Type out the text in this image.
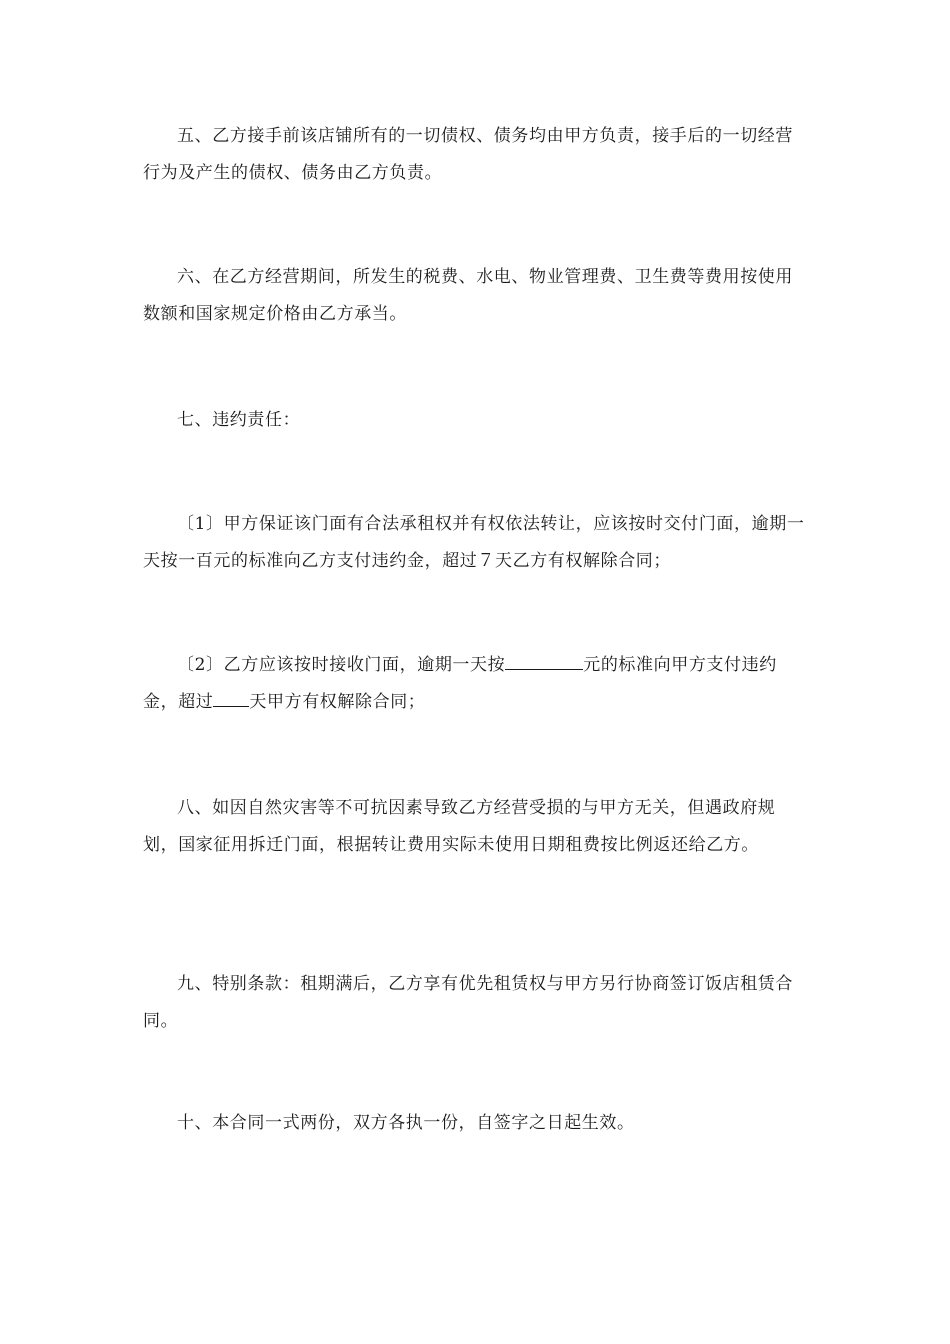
五、乙方接手前该店铺所有的一切债权、债务均由甲方负责，接手后的一切经营行为及产生的债权、债务由乙方负责。

六、在乙方经营期间，所发生的税费、水电、物业管理费、卫生费等费用按使用数额和国家规定价格由乙方承当。

七、违约责任：

〔1〕甲方保证该门面有合法承租权并有权依法转让，应该按时交付门面，逾期一天按一百元的标准向乙方支付违约金，超过７天乙方有权解除合同；

〔2〕乙方应该按时接收门面，逾期一天按	元的标准向甲方支付违约金，超过 天甲方有权解除合同；

八、如因自然灾害等不可抗因素导致乙方经营受损的与甲方无关，但遇政府规划，国家征用拆迁门面，根据转让费用实际未使用日期租费按比例返还给乙方。

九、特别条款：租期满后，乙方享有优先租赁权与甲方另行协商签订饭店租赁合同。

十、本合同一式两份，双方各执一份，自签字之日起生效。
